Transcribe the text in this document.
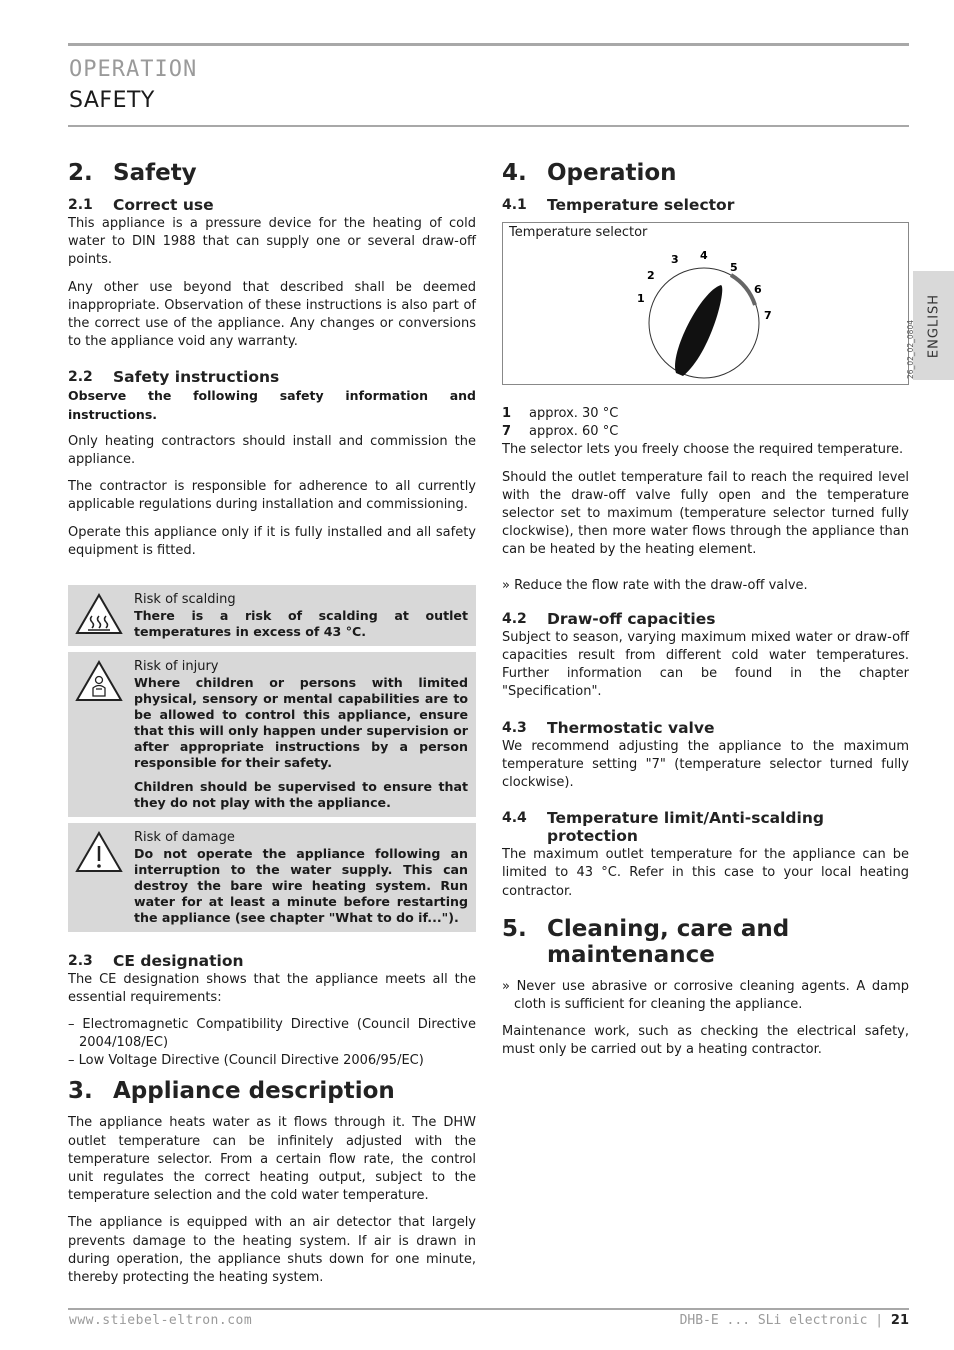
OPERATION
SAFETY
ENGLISH
2. Safety
2.1	Correct use

This appliance is a pressure device for the heating of cold water to DIN 1988 that can supply one or several draw-off points.

Any other use beyond that described shall be deemed inappropriate. Observation of these instructions is also part of the correct use of the appliance. Any changes or conversions to the appliance void any warranty.

2.2	Safety instructions

Observe the following safety information and instructions.

Only heating contractors should install and commission the appliance.

The contractor is responsible for adherence to all currently applicable regulations during installation and commissioning.

Operate this appliance only if it is fully installed and all safety equipment is fitted.

Risk of scalding
There is a risk of scalding at outlet temperatures in excess of 43 °C.
Risk of injury
Where children or persons with limited physical, sensory or mental capabilities are to be allowed to control this appliance, ensure that this will only happen under supervision or after appropriate instructions by a person responsible for their safety.
Children should be supervised to ensure that they do not play with the appliance.
Risk of damage
Do not operate the appliance following an interruption to the water supply. This can destroy the bare wire heating system. Run water for at least a minute before restarting the appliance (see chapter "What to do if...").
2.3	CE designation

The CE designation shows that the appliance meets all the essential requirements:

– Electromagnetic Compatibility Directive (Council Directive 2004/108/EC)
– Low Voltage Directive (Council Directive 2006/95/EC)
3. Appliance description

The appliance heats water as it flows through it. The DHW outlet temperature can be infinitely adjusted with the temperature selector. From a certain flow rate, the control unit regulates the correct heating output, subject to the temperature selection and the cold water temperature.

The appliance is equipped with an air detector that largely prevents damage to the heating system. If air is drawn in during operation, the appliance shuts down for one minute, thereby protecting the heating system.

4. Operation
4.1	Temperature selector
Temperature selector
1
2
3 4
5
6
7
26_02_02_0804
1	approx. 30 °C
7	approx. 60 °C

The selector lets you freely choose the required temperature.

Should the outlet temperature fail to reach the required level with the draw-off valve fully open and the temperature selector set to maximum (temperature selector turned fully clockwise), then more water flows through the appliance than can be heated by the heating element.

» Reduce the flow rate with the draw-off valve.

4.2	Draw-off capacities

Subject to season, varying maximum mixed water or draw-off capacities result from different cold water temperatures. Further information can be found in the chapter "Specification".

4.3	Thermostatic valve

We recommend adjusting the appliance to the maximum temperature setting "7" (temperature selector turned fully clockwise).

4.4	Temperature limit/Anti-scalding protection

The maximum outlet temperature for the appliance can be limited to 43 °C. Refer in this case to your local heating contractor.

5. Cleaning, care and maintenance

» Never use abrasive or corrosive cleaning agents. A damp cloth is sufficient for cleaning the appliance.

Maintenance work, such as checking the electrical safety, must only be carried out by a heating contractor.

www.stiebel-eltron.com	DHB-E ... SLi electronic | 21
